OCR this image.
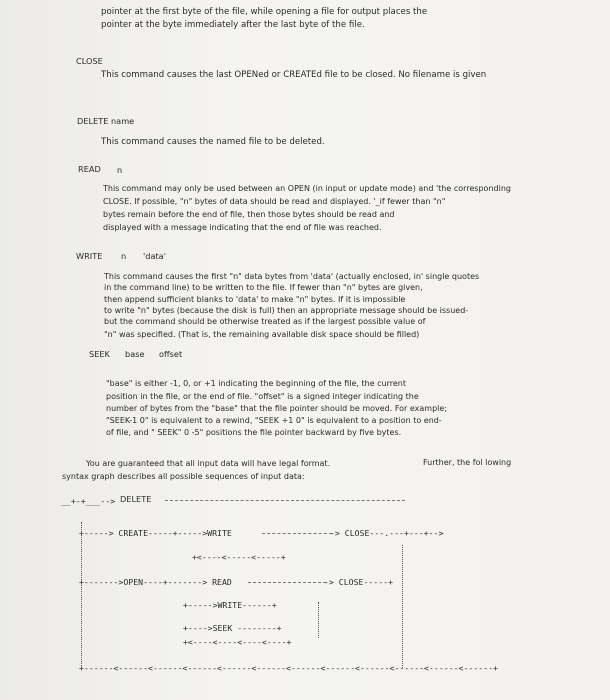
pointer at the first byte of the file, while opening a file for output places the
pointer at the byte immediately after the last byte of the file.
CLOSE
This command causes the last OPENed or CREATEd file to be closed. No filename is given
DELETE name
This command causes the named file to be deleted.
READ n
This command may only be used between an OPEN (in input or update mode) and 'the corresponding
CLOSE. If possible, "n" bytes of data should be read and displayed. '_if fewer than "n"
bytes remain before the end of file, then those bytes should be read and
displayed with a message indicating that the end of file was reached.
WRITE n 'data'
This command causes the first "n" data bytes from 'data' (actually enclosed, in' single quotes
in the command line) to be written to the file. If fewer than "n" bytes are given,
then append sufficient blanks to 'data' to make "n" bytes. If it is impossible
to write "n" bytes (because the disk is full) then an appropriate message should be issued-
but the command should be otherwise treated as if the largest possible value of
"n" was specified. (That is, the remaining available disk space should be filled)
SEEK base offset
"base" is either -1, 0, or +1 indicating the beginning of the file, the current
position in the file, or the end of file. "offset" is a signed integer indicating the
number of bytes from the "base" that the file pointer should be moved. For example;
"SEEK-1 0" is equivalent to a rewind, "SEEK +1 0" is equivalent to a position to end-
of file, and " SEEK" 0 -5" positions the file pointer backward by five bytes.
You are guaranteed that all input data will have legal format.	Further, the fol lowing
syntax graph describes all possible sequences of input data:
__+-+___--> DELETE
+-----> CREATE-----+----->WRITE	-> CLOSE---.---+---+-->
+<----<-----<-----+
+------->OPEN----+-------> READ	-> CLOSE-----+
+----->WRITE------+
+---->SEEK --------+
+<----<----<----<----+
+------<------<------<------<------<------<------<------<------<------<------<------+
